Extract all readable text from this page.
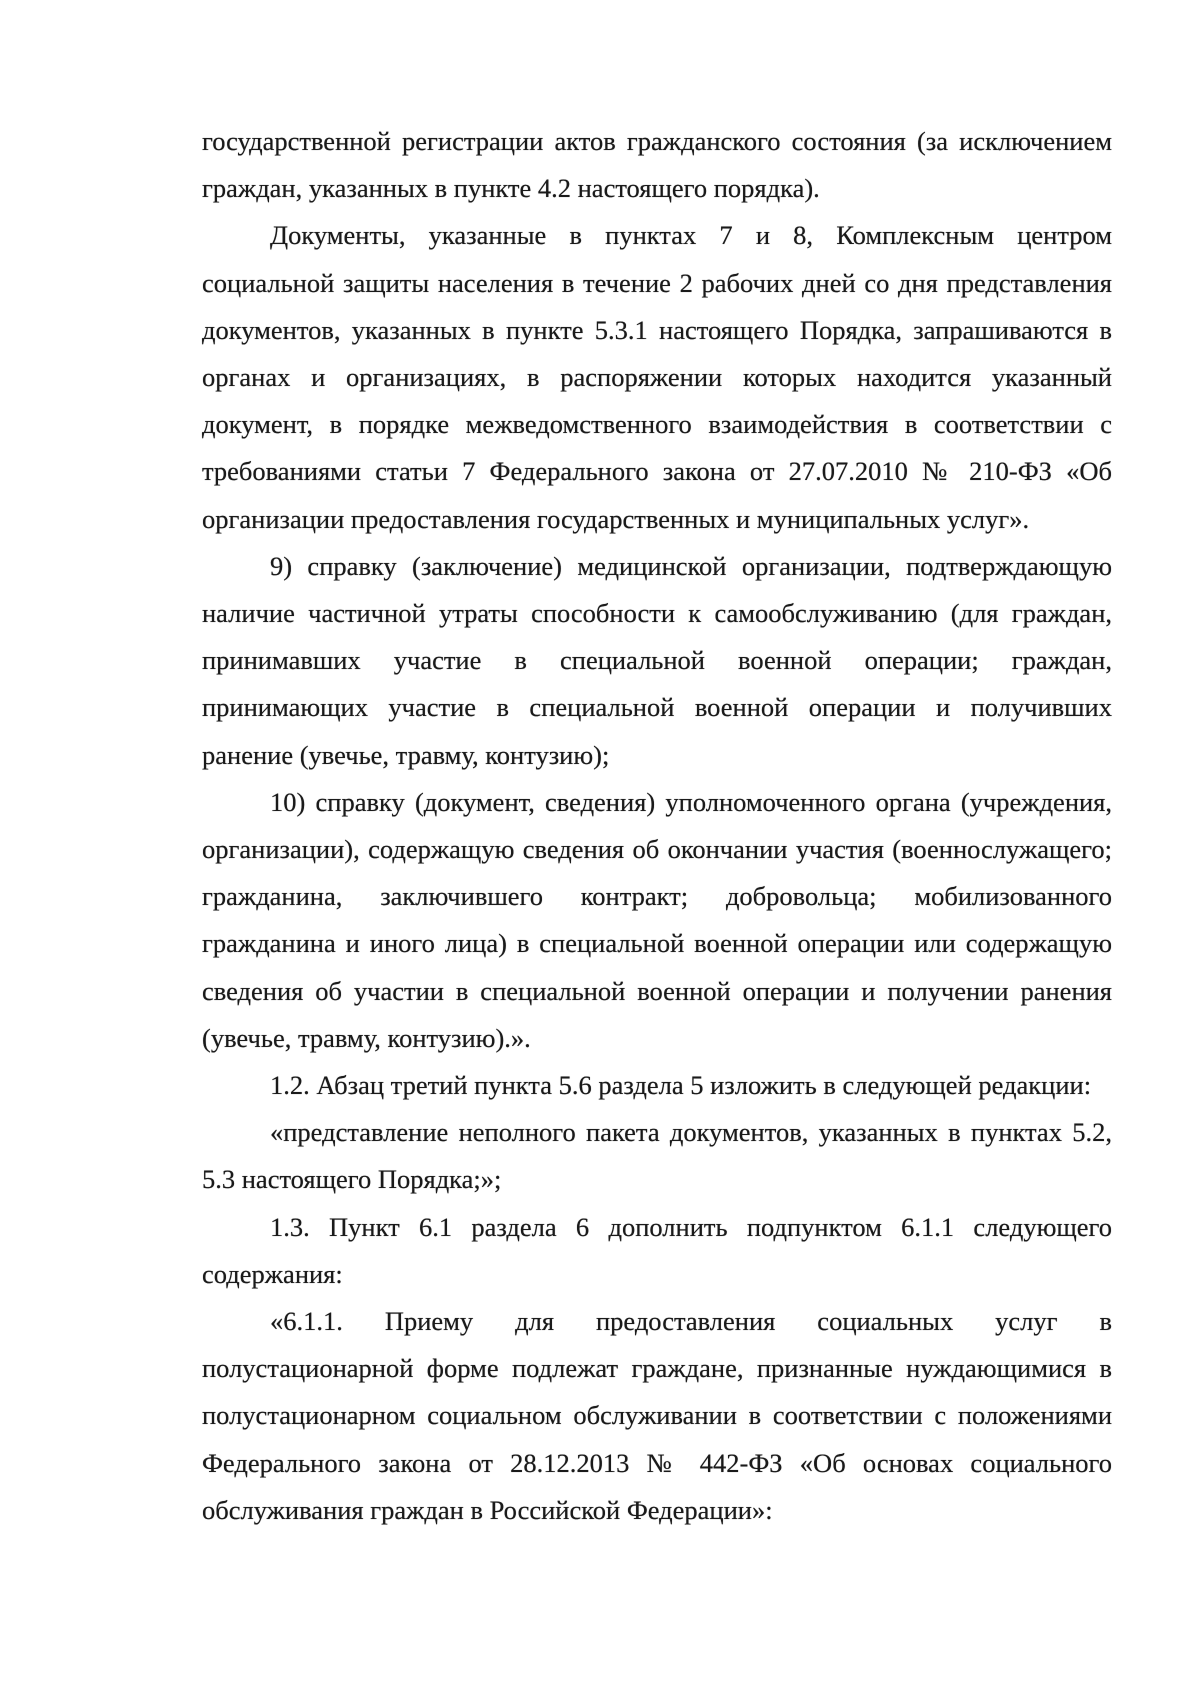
государственной регистрации актов гражданского состояния (за исключением граждан, указанных в пункте 4.2 настоящего порядка).

Документы, указанные в пунктах 7 и 8, Комплексным центром социальной защиты населения в течение 2 рабочих дней со дня представления документов, указанных в пункте 5.3.1 настоящего Порядка, запрашиваются в органах и организациях, в распоряжении которых находится указанный документ, в порядке межведомственного взаимодействия в соответствии с требованиями статьи 7 Федерального закона от 27.07.2010 № 210-ФЗ «Об организации предоставления государственных и муниципальных услуг».

9) справку (заключение) медицинской организации, подтверждающую наличие частичной утраты способности к самообслуживанию (для граждан, принимавших участие в специальной военной операции; граждан, принимающих участие в специальной военной операции и получивших ранение (увечье, травму, контузию);

10) справку (документ, сведения) уполномоченного органа (учреждения, организации), содержащую сведения об окончании участия (военнослужащего; гражданина, заключившего контракт; добровольца; мобилизованного гражданина и иного лица) в специальной военной операции или содержащую сведения об участии в специальной военной операции и получении ранения (увечье, травму, контузию).».

1.2. Абзац третий пункта 5.6 раздела 5 изложить в следующей редакции:

«представление неполного пакета документов, указанных в пунктах 5.2, 5.3 настоящего Порядка;»;

1.3. Пункт 6.1 раздела 6 дополнить подпунктом 6.1.1 следующего содержания:

«6.1.1. Приему для предоставления социальных услуг в полустационарной форме подлежат граждане, признанные нуждающимися в полустационарном социальном обслуживании в соответствии с положениями Федерального закона от 28.12.2013 № 442-ФЗ «Об основах социального обслуживания граждан в Российской Федерации»:
